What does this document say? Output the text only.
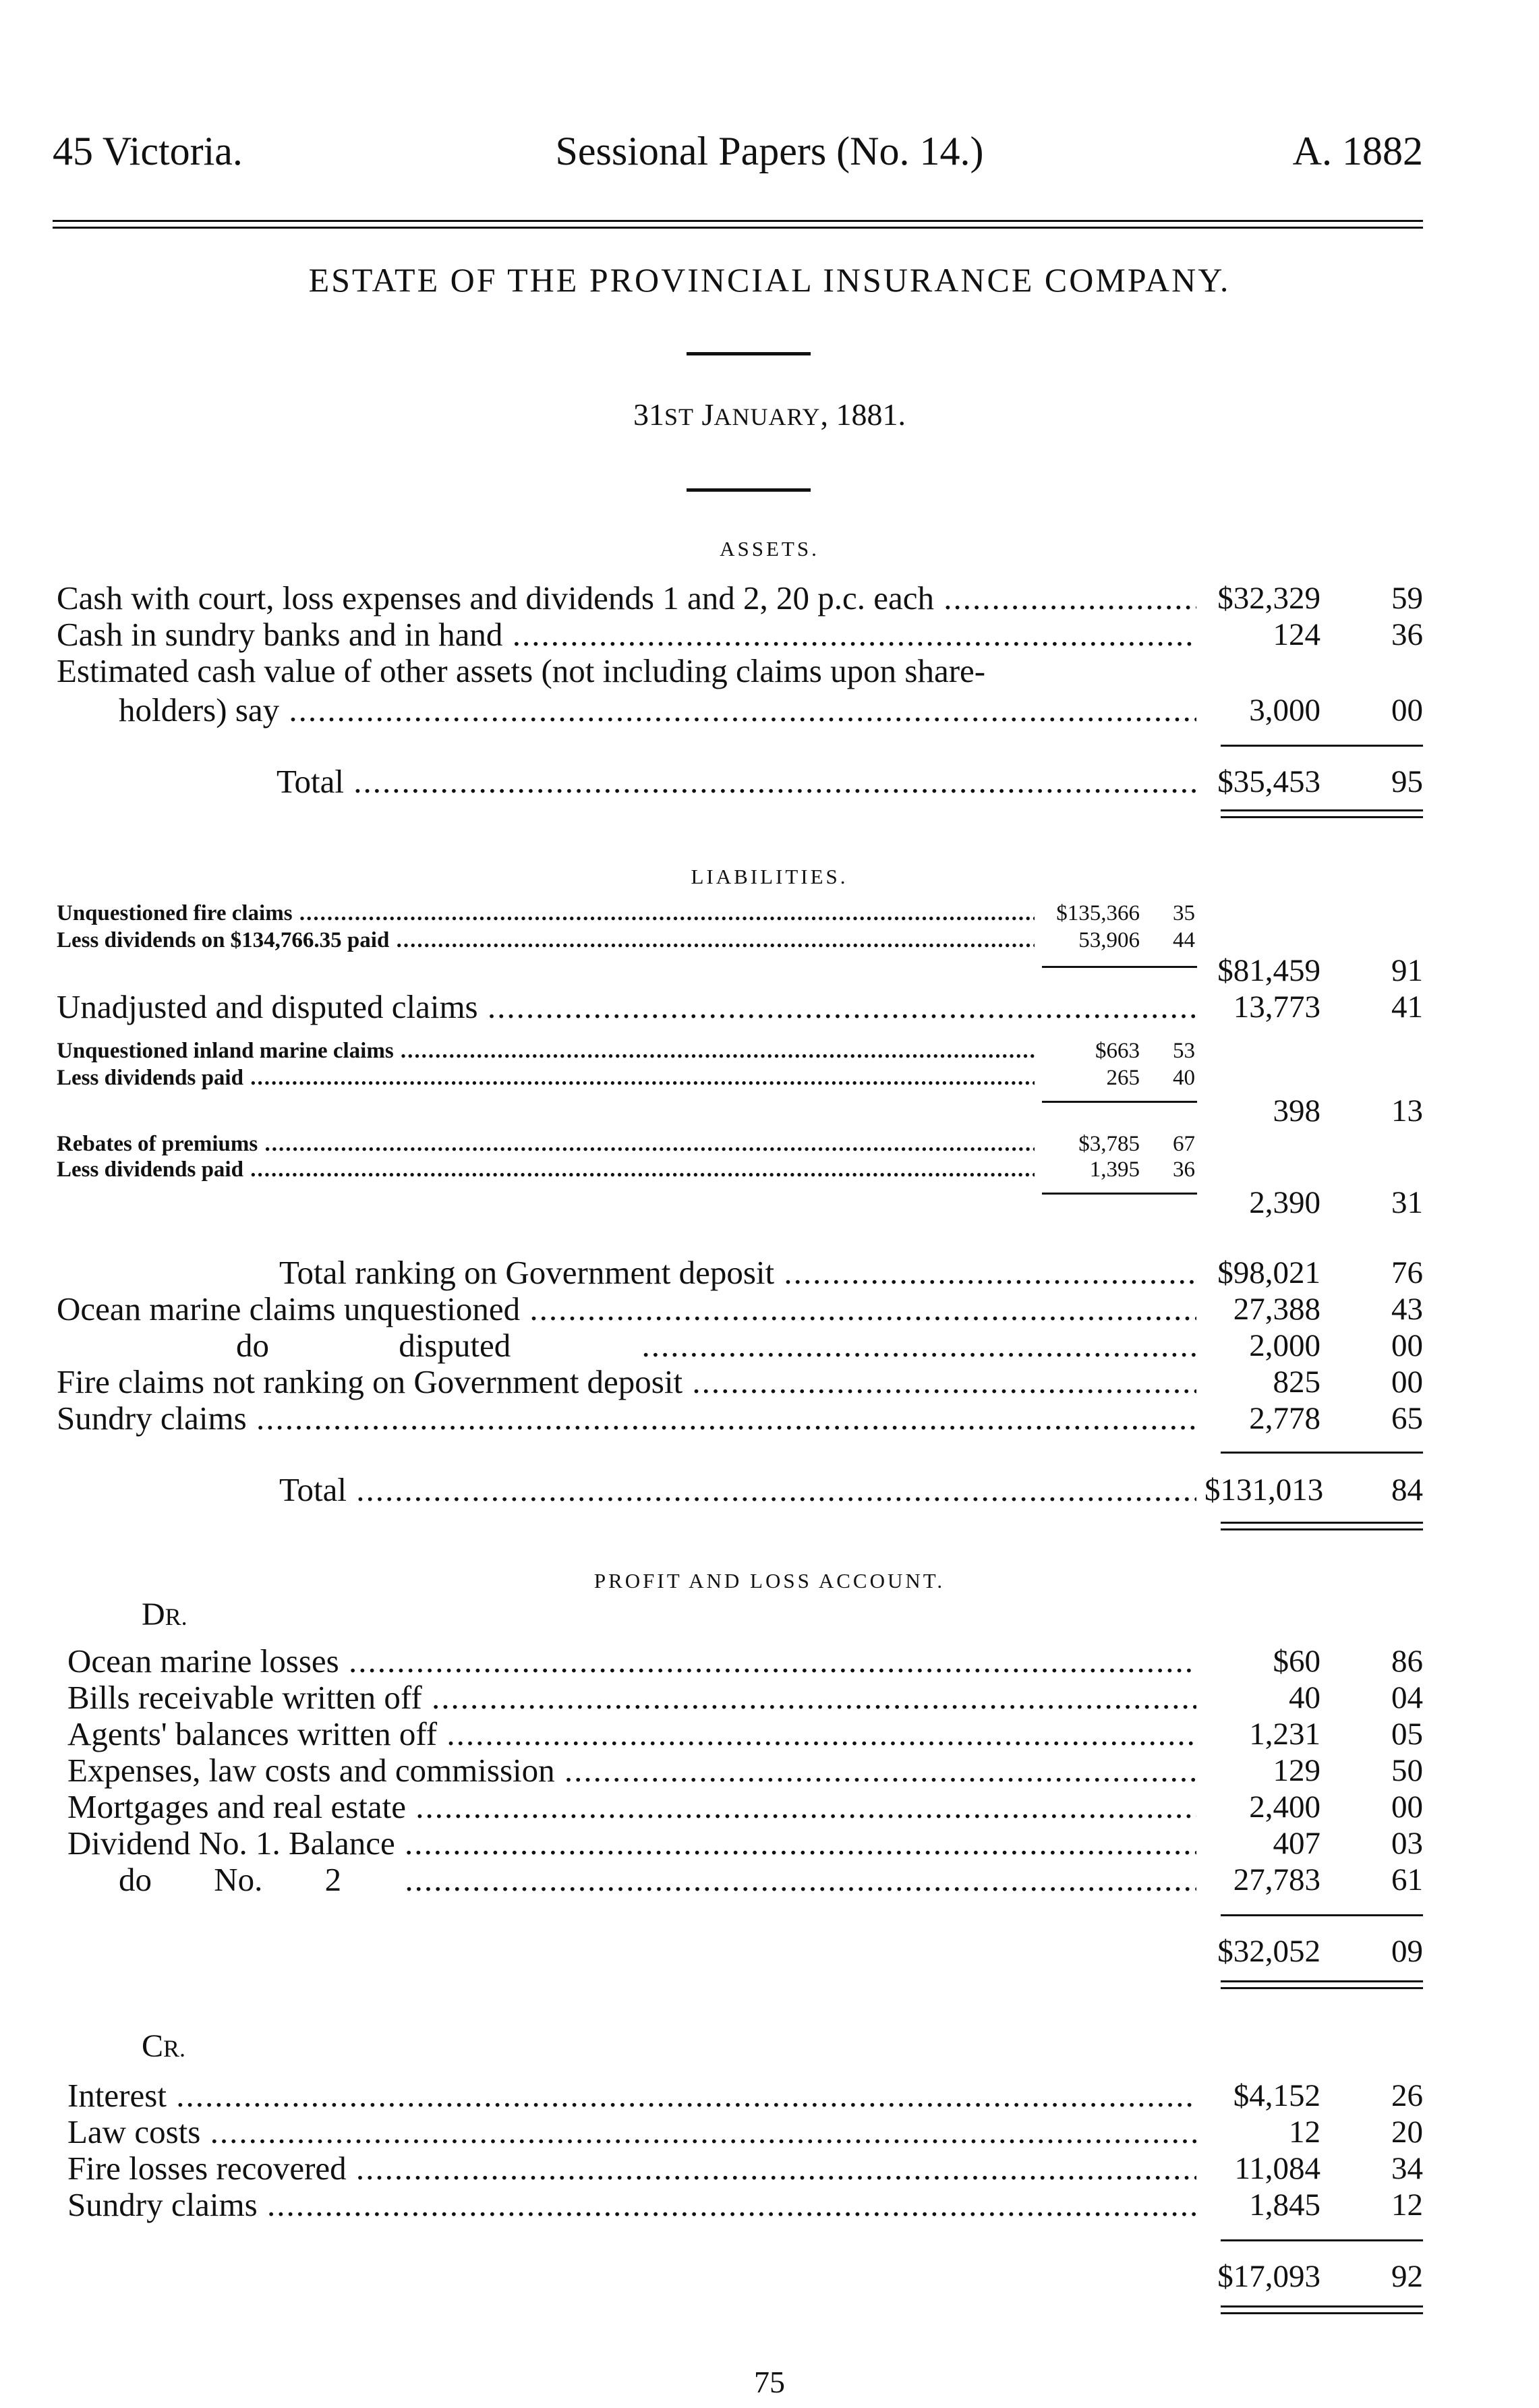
45 Victoria.	Sessional Papers (No. 14.)	A. 1882
ESTATE OF THE PROVINCIAL INSURANCE COMPANY.
31ST JANUARY, 1881.
ASSETS.
Cash with court, loss expenses and dividends 1 and 2, 20 p.c. each .....	$32,329	59
Cash in sundry banks and in hand .....	124	36
Estimated cash value of other assets (not including claims upon share-
holders) say .....	3,000	00
Total .....	$35,453	95
LIABILITIES.
Unquestioned fire claims .....	$135,366	35
Less dividends on $134,766.35 paid .....	53,906	44
$81,459	91
Unadjusted and disputed claims .....	13,773	41
Unquestioned inland marine claims .....	$663	53
Less dividends paid .....	265	40
398	13
Rebates of premiums .....	$3,785	67
Less dividends paid .....	1,395	36
2,390	31
Total ranking on Government deposit .....	$98,021	76
Ocean marine claims unquestioned .....	27,388	43
do disputed .....	2,000	00
Fire claims not ranking on Government deposit .....	825	00
Sundry claims .....	2,778	65
Total .....	$131,013	84
PROFIT AND LOSS ACCOUNT.
DR.
Ocean marine losses .....	$60	86
Bills receivable written off .....	40	04
Agents' balances written off .....	1,231	05
Expenses, law costs and commission .....	129	50
Mortgages and real estate .....	2,400	00
Dividend No. 1. Balance .....	407	03
do No. 2 .....	27,783	61
$32,052	09
CR.
Interest .....	$4,152	26
Law costs .....	12	20
Fire losses recovered .....	11,084	34
Sundry claims .....	1,845	12
$17,093	92
75
